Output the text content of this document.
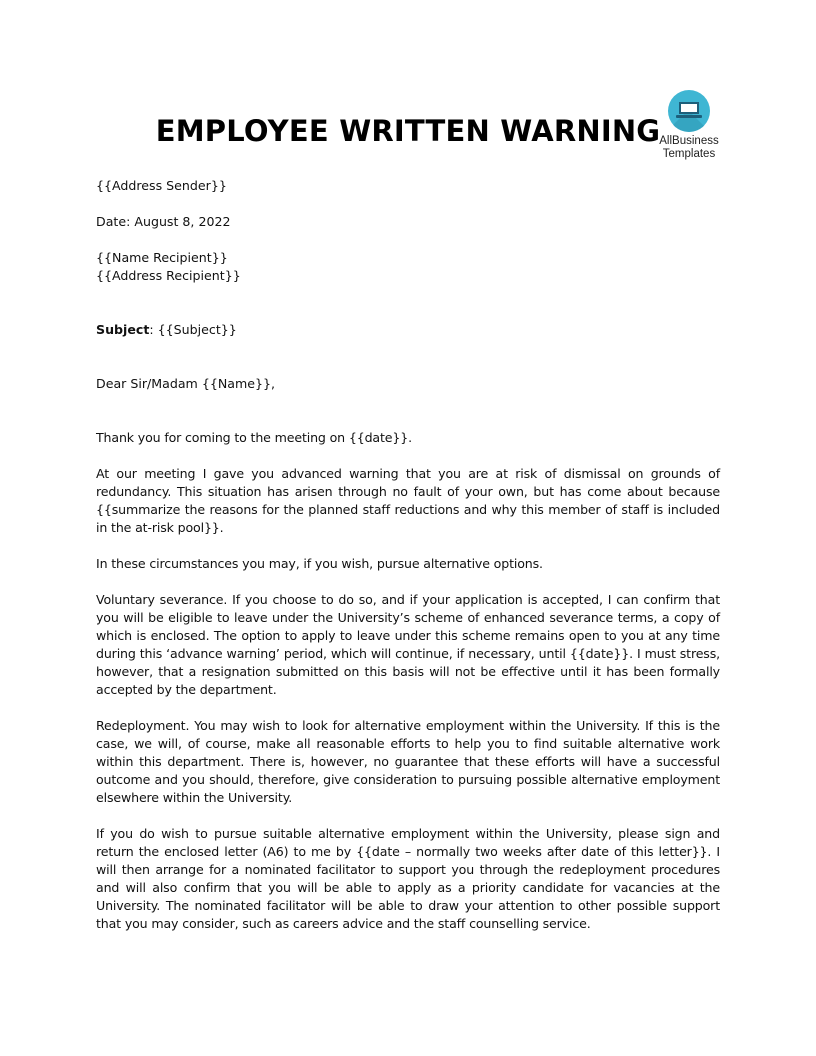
EMPLOYEE WRITTEN WARNING
AllBusiness
Templates

{{Address Sender}}

Date: August 8, 2022

{{Name Recipient}}

{{Address Recipient}}

Subject: {{Subject}}

Dear Sir/Madam {{Name}},

Thank you for coming to the meeting on {{date}}.

At our meeting I gave you advanced warning that you are at risk of dismissal on grounds of redundancy. This situation has arisen through no fault of your own, but has come about because {{summarize the reasons for the planned staff reductions and why this member of staff is included in the at-risk pool}}.

In these circumstances you may, if you wish, pursue alternative options.

Voluntary severance. If you choose to do so, and if your application is accepted, I can confirm that you will be eligible to leave under the University’s scheme of enhanced severance terms, a copy of which is enclosed. The option to apply to leave under this scheme remains open to you at any time during this ‘advance warning’ period, which will continue, if necessary, until {{date}}. I must stress, however, that a resignation submitted on this basis will not be effective until it has been formally accepted by the department.

Redeployment. You may wish to look for alternative employment within the University. If this is the case, we will, of course, make all reasonable efforts to help you to find suitable alternative work within this department. There is, however, no guarantee that these efforts will have a successful outcome and you should, therefore, give consideration to pursuing possible alternative employment elsewhere within the University.

If you do wish to pursue suitable alternative employment within the University, please sign and return the enclosed letter (A6) to me by {{date – normally two weeks after date of this letter}}. I will then arrange for a nominated facilitator to support you through the redeployment procedures and will also confirm that you will be able to apply as a priority candidate for vacancies at the University. The nominated facilitator will be able to draw your attention to other possible support that you may consider, such as careers advice and the staff counselling service.
